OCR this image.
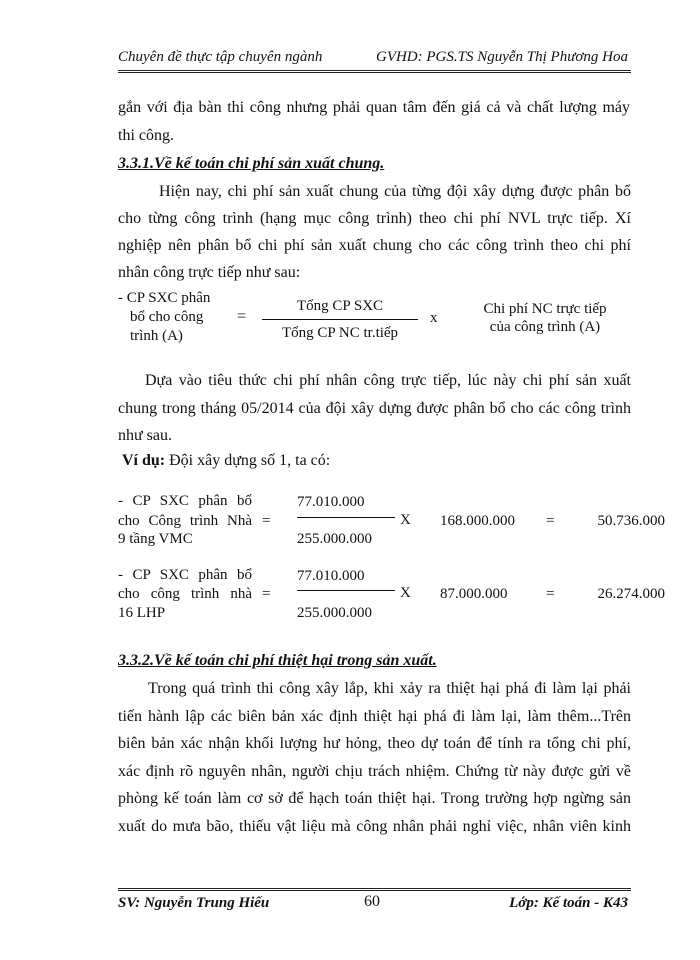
Chuyên đề thực tập chuyên ngành	GVHD: PGS.TS Nguyễn Thị Phương Hoa
gắn với địa bàn thi công nhưng phải quan tâm đến giá cả và chất lượng máy
thi công.
3.3.1.Về kế toán chi phí sản xuất chung.
Hiện nay, chi phí sản xuất chung của từng đội xây dựng được phân bổ
cho từng công trình (hạng mục công trình) theo chi phí NVL trực tiếp. Xí
nghiệp nên phân bổ chi phí sản xuất chung cho các công trình theo chi phí
nhân công trực tiếp như sau:
- CP SXC phân
bổ cho công
trình (A)
=
Tổng CP SXC
Tổng CP NC tr.tiếp
x
Chi phí NC trực tiếp
của công trình (A)
Dựa vào tiêu thức chi phí nhân công trực tiếp, lúc này chi phí sản xuất
chung trong tháng 05/2014 của đội xây dựng được phân bổ cho các công trình
như sau.
Ví dụ: Đội xây dựng số 1, ta có:
- CP SXC phân bổ
cho Công trình Nhà
9 tầng VMC
=
77.010.000
255.000.000
X 168.000.000 =	50.736.000
- CP SXC phân bổ
cho công trình nhà
16 LHP
=
77.010.000
255.000.000
X 87.000.000	=	26.274.000
3.3.2.Về kế toán chi phí thiệt hại trong sản xuất.
Trong quá trình thi công xây lắp, khi xảy ra thiệt hại phá đi làm lại phải
tiến hành lập các biên bản xác định thiệt hại phá đi làm lại, làm thêm...Trên
biên bản xác nhận khối lượng hư hỏng, theo dự toán để tính ra tổng chi phí,
xác định rõ nguyên nhân, người chịu trách nhiệm. Chứng từ này được gửi về
phòng kế toán làm cơ sở để hạch toán thiệt hại. Trong trường hợp ngừng sản
xuất do mưa bão, thiếu vật liệu mà công nhân phải nghỉ việc, nhân viên kinh
SV: Nguyễn Trung Hiếu	60	Lớp: Kế toán - K43
